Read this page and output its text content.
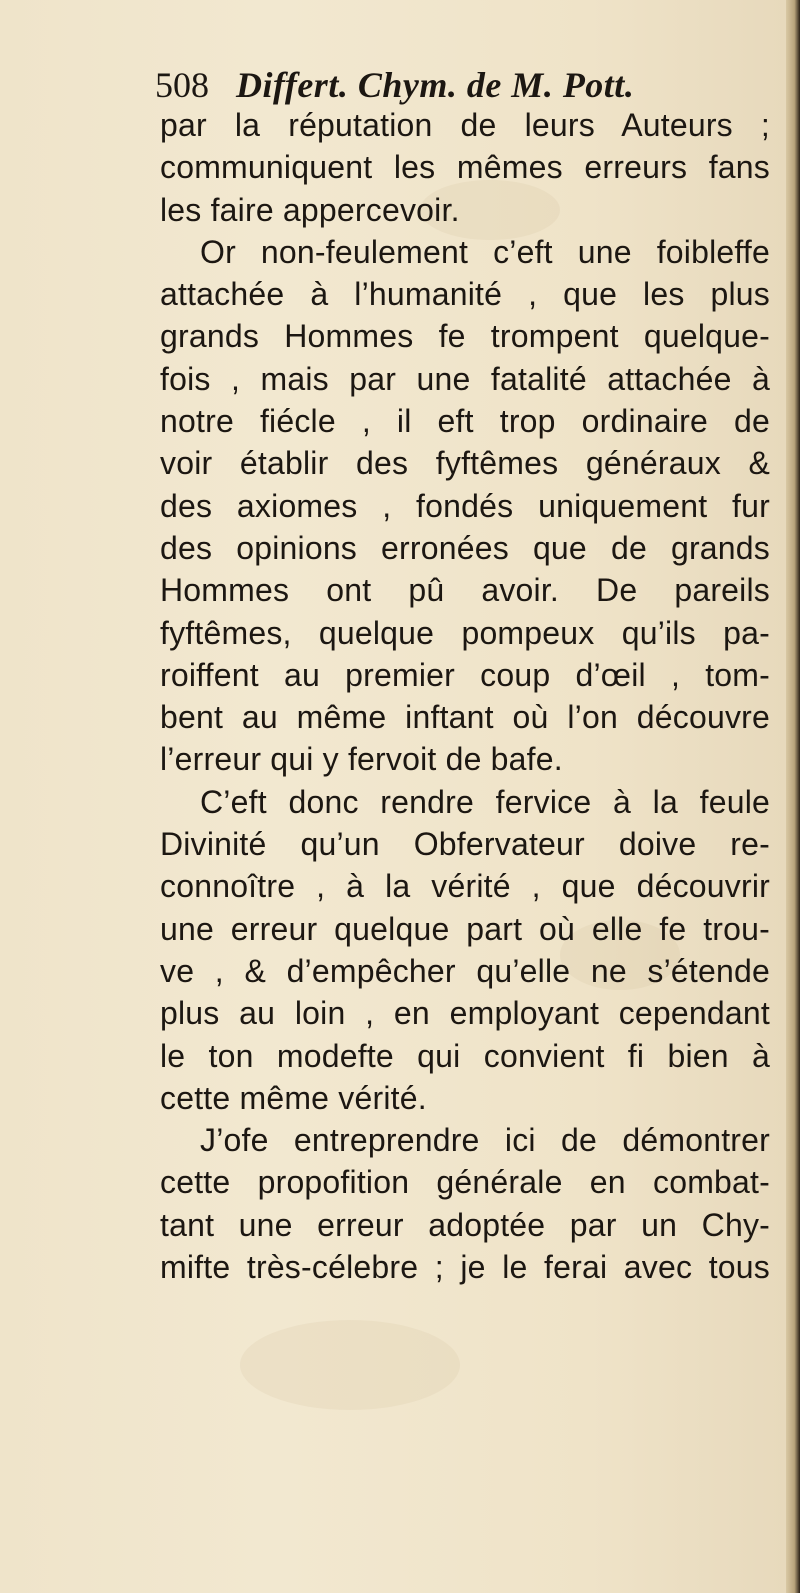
508 Differt. Chym. de M. Pott.
par la réputation de leurs Auteurs ;
communiquent les mêmes erreurs fans
les faire appercevoir.
Or non-feulement c’eft une foibleffe
attachée à l’humanité , que les plus
grands Hommes fe trompent quelque-
fois , mais par une fatalité attachée à
notre fiécle , il eft trop ordinaire de
voir établir des fyftêmes généraux &
des axiomes , fondés uniquement fur
des opinions erronées que de grands
Hommes ont pû avoir. De pareils
fyftêmes, quelque pompeux qu’ils pa-
roiffent au premier coup d’œil , tom-
bent au même inftant où l’on découvre
l’erreur qui y fervoit de bafe.
C’eft donc rendre fervice à la feule
Divinité qu’un Obfervateur doive re-
connoître , à la vérité , que découvrir
une erreur quelque part où elle fe trou-
ve , & d’empêcher qu’elle ne s’étende
plus au loin , en employant cependant
le ton modefte qui convient fi bien à
cette même vérité.
J’ofe entreprendre ici de démontrer
cette propofition générale en combat-
tant une erreur adoptée par un Chy-
mifte très-célebre ; je le ferai avec tous
